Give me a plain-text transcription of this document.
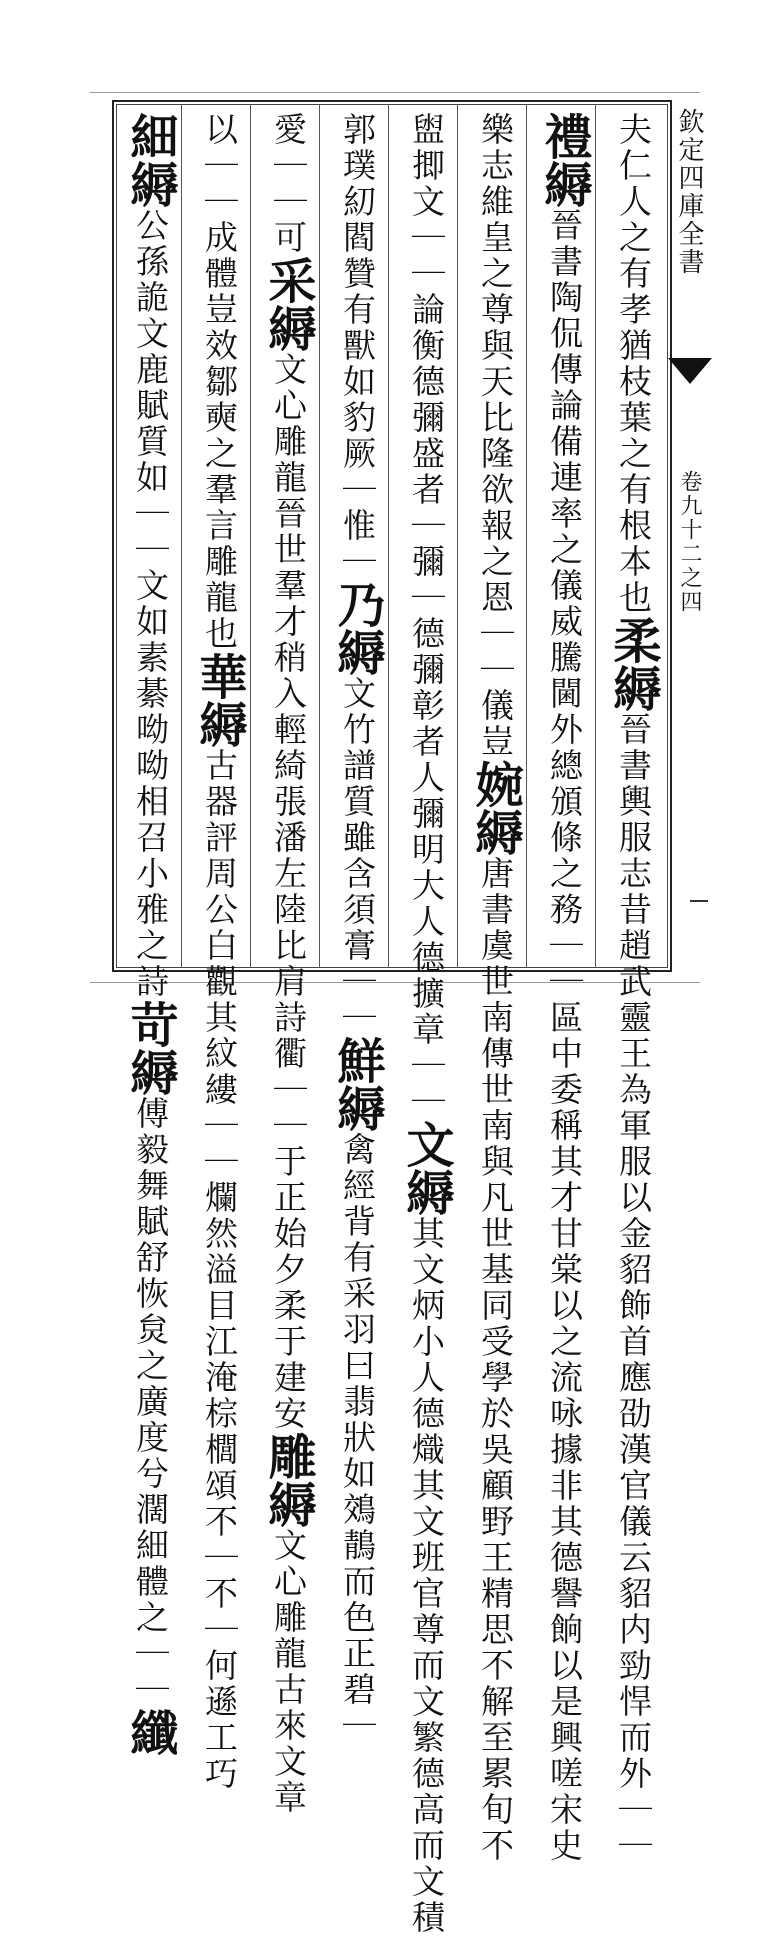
欽定四庫全書
卷九十二之四
夫仁人之有孝猶枝葉之有根本也柔縟晉書輿服志昔趙武靈王為軍服以金貂飾首應劭漢官儀云貂内勁悍而外｜｜
禮縟晉書陶侃傳論備連率之儀威騰閫外總頒條之務｜｜區中委稱其才甘棠以之流咏據非其德譽餉以是興嗟宋史
樂志維皇之尊與天比隆欲報之恩｜｜儀豈婉縟唐書虞世南傳世南與凡世基同受學於吳顧野王精思不解至累旬不
盥揤文｜｜論衡德彌盛者｜彌｜德彌彰者人彌明大人德擴章｜｜文縟其文炳小人德熾其文班官尊而文繁德高而文積
郭璞糿閻贊有獸如豹厥｜惟｜乃縟文竹譜質雖含須膏｜｜鮮縟禽經背有采羽曰翡狀如鵁鶄而色正碧｜
愛｜｜可采縟文心雕龍晉世羣才稍入輕綺張潘左陸比肩詩衢｜｜于正始夕柔于建安雕縟文心雕龍古來文章
以｜｜成體豈效鄒奭之羣言雕龍也華縟古器評周公白觀其紋縷｜｜爛然溢目江淹棕櫚頌不｜不｜何遜工巧
細縟公孫詭文鹿賦質如｜｜文如素綦呦呦相召小雅之詩苛縟傅毅舞賦舒恢炱之廣度兮濶細體之｜｜纖
